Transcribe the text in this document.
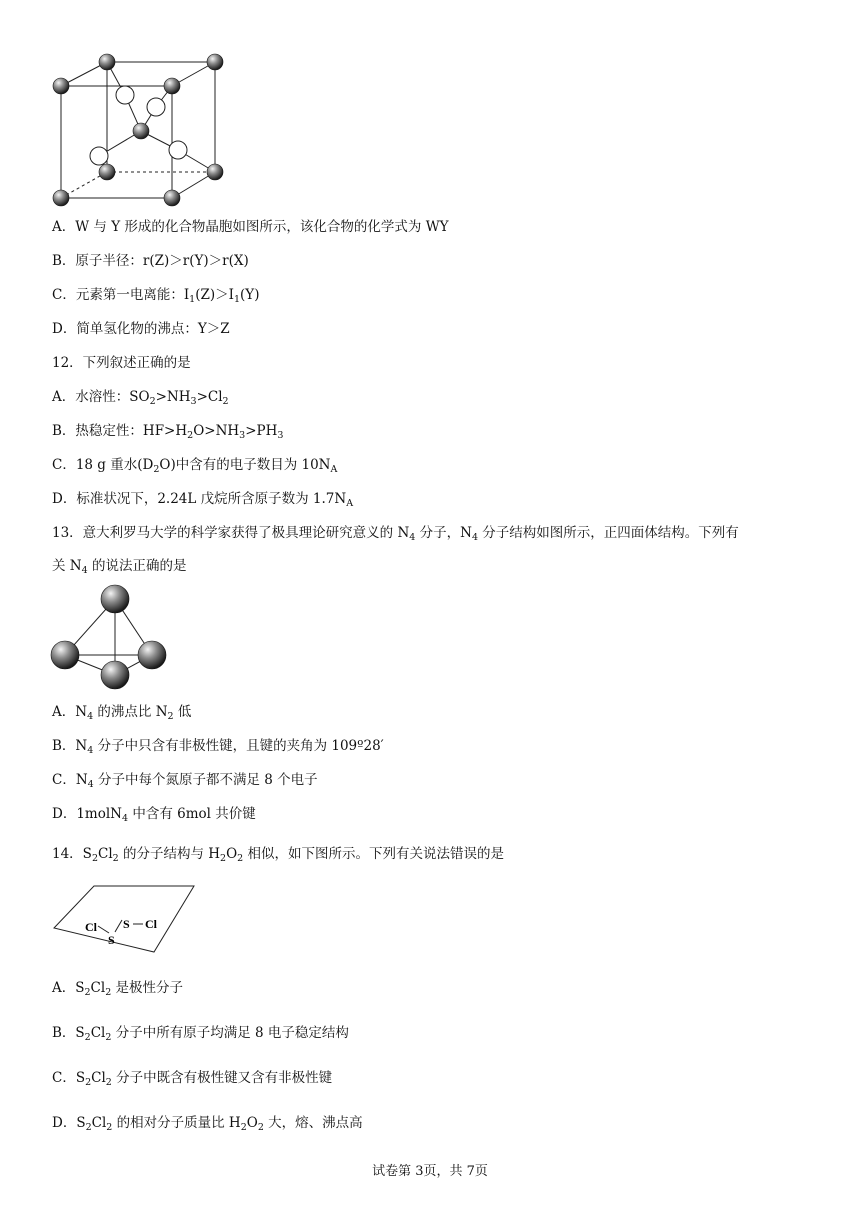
A．W 与 Y 形成的化合物晶胞如图所示，该化合物的化学式为 WY
B．原子半径：r(Z)＞r(Y)＞r(X)
C．元素第一电离能：$I_1(Z)>I_1(Y)$
D．简单氢化物的沸点：Y＞Z
12．下列叙述正确的是
A．水溶性：$SO_2>NH_3>Cl_2$
B．热稳定性：$HF>H_2O>NH_3>PH_3$
C．18 g 重水$(D_2O)$中含有的电子数目为 $10N_A$
D．标准状况下，2.24L 戊烷所含原子数为 $1.7N_A$
13．意大利罗马大学的科学家获得了极具理论研究意义的 $N_4$ 分子，$N_4$ 分子结构如图所示，正四面体结构。下列有
关 $N_4$ 的说法正确的是
A．$N_4$ 的沸点比 $N_2$ 低
B．$N_4$ 分子中只含有非极性键，且键的夹角为 109º28′
C．$N_4$ 分子中每个氮原子都不满足 8 个电子
D．1molN$_4$ 中含有 6mol 共价键
14．$S_2Cl_2$ 的分子结构与 $H_2O_2$ 相似，如下图所示。下列有关说法错误的是
Cl
S
S Cl
A．$S_2Cl_2$ 是极性分子
B．$S_2Cl_2$ 分子中所有原子均满足 8 电子稳定结构
C．$S_2Cl_2$ 分子中既含有极性键又含有非极性键
D．$S_2Cl_2$ 的相对分子质量比 $H_2O_2$ 大，熔、沸点高
试卷第 3页，共 7页
